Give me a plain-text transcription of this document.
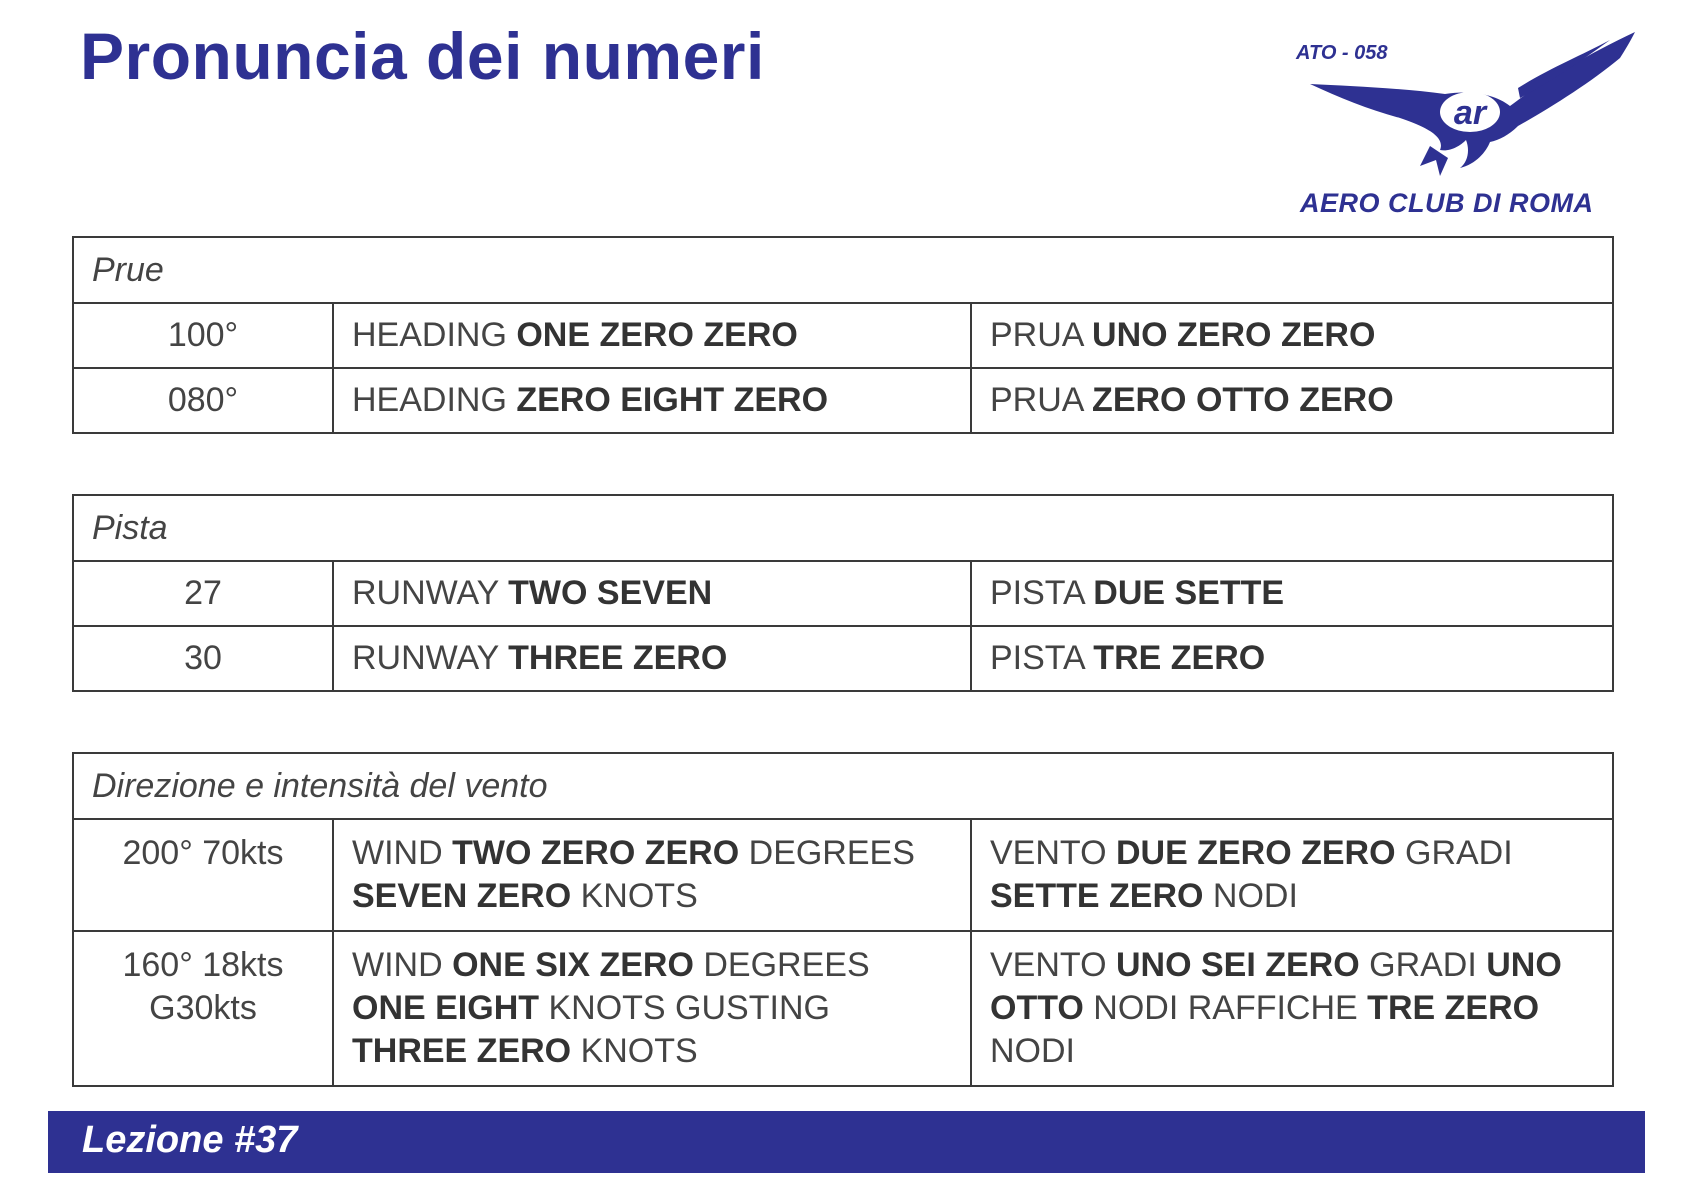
Pronuncia dei numeri
ar
ATO - 058
AERO CLUB DI ROMA
Prue		
100°	HEADING ONE ZERO ZERO	PRUA UNO ZERO ZERO
080°	HEADING ZERO EIGHT ZERO	PRUA ZERO OTTO ZERO
Pista		
27	RUNWAY TWO SEVEN	PISTA DUE SETTE
30	RUNWAY THREE ZERO	PISTA TRE ZERO
Direzione e intensità del vento		
200° 70kts	WIND TWO ZERO ZERO DEGREES SEVEN ZERO KNOTS	VENTO DUE ZERO ZERO GRADI SETTE ZERO NODI
160° 18kts G30kts	WIND ONE SIX ZERO DEGREES ONE EIGHT KNOTS GUSTING THREE ZERO KNOTS	VENTO UNO SEI ZERO GRADI UNO OTTO NODI RAFFICHE TRE ZERO NODI
Lezione #37
